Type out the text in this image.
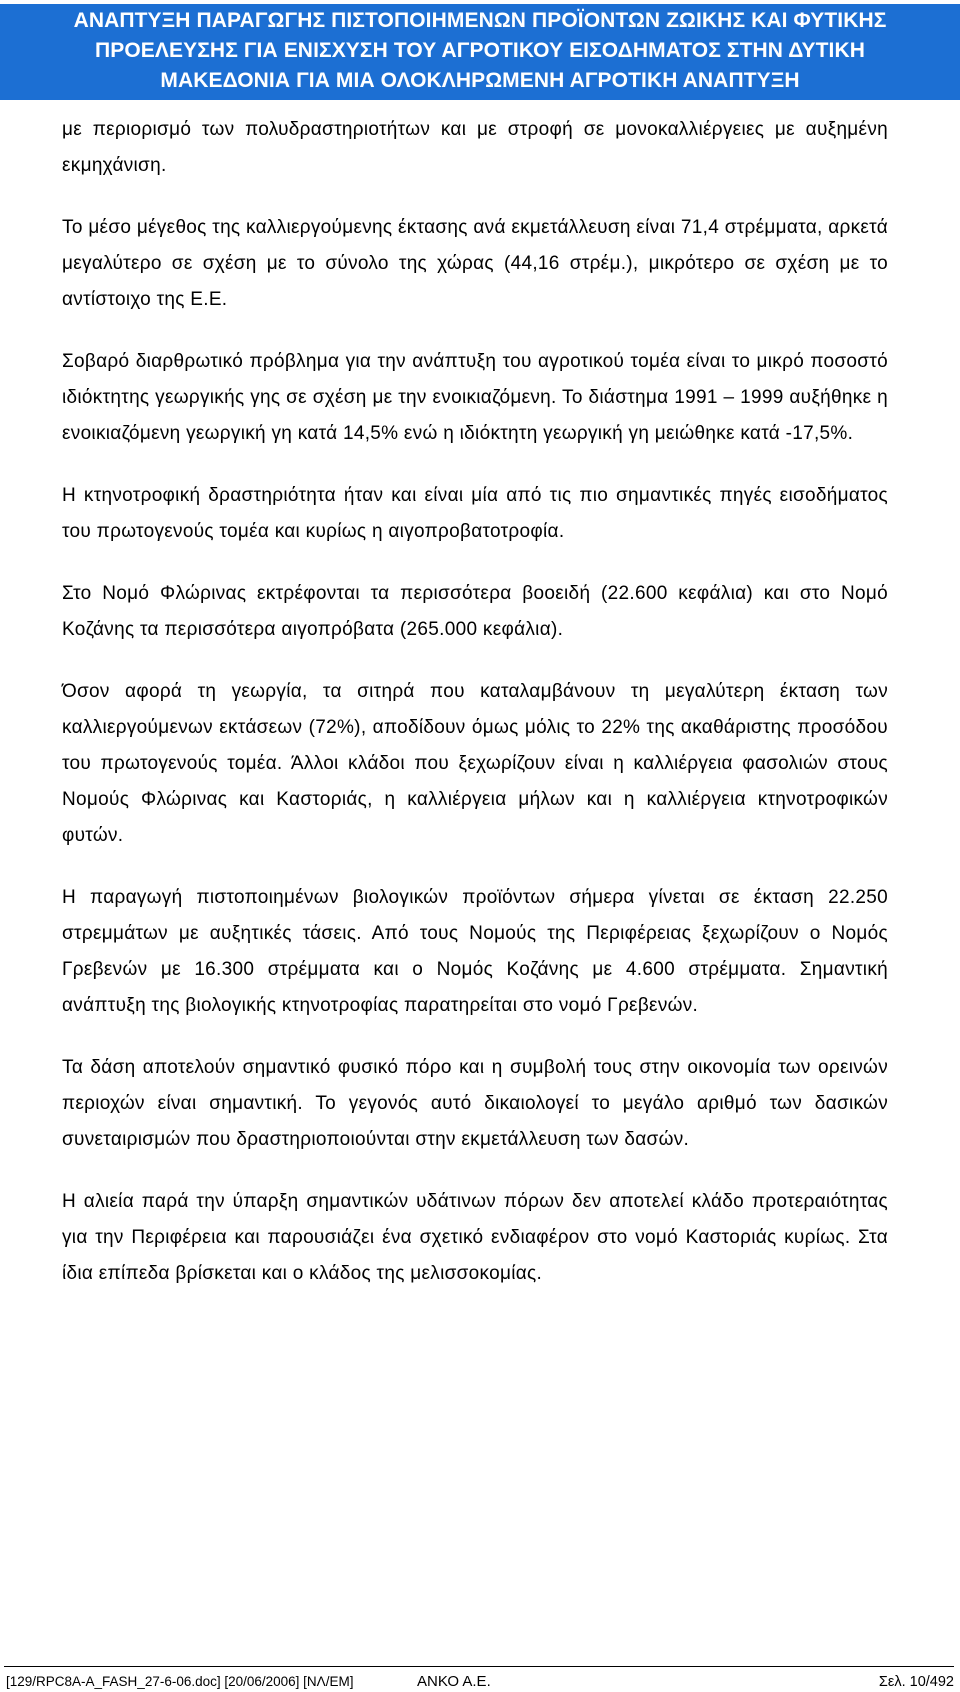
ΑΝΑΠΤΥΞΗ ΠΑΡΑΓΩΓΗΣ ΠΙΣΤΟΠΟΙΗΜΕΝΩΝ ΠΡΟΪΟΝΤΩΝ ΖΩΙΚΗΣ ΚΑΙ ΦΥΤΙΚΗΣ
ΠΡΟΕΛΕΥΣΗΣ ΓΙΑ ΕΝΙΣΧΥΣΗ ΤΟΥ ΑΓΡΟΤΙΚΟΥ ΕΙΣΟΔΗΜΑΤΟΣ ΣΤΗΝ ΔΥΤΙΚΗ
ΜΑΚΕΔΟΝΙΑ ΓΙΑ ΜΙΑ ΟΛΟΚΛΗΡΩΜΕΝΗ ΑΓΡΟΤΙΚΗ ΑΝΑΠΤΥΞΗ

με περιορισμό των πολυδραστηριοτήτων και με στροφή σε μονοκαλλιέργειες με αυξημένη εκμηχάνιση.

Το μέσο μέγεθος της καλλιεργούμενης έκτασης ανά εκμετάλλευση είναι 71,4 στρέμματα, αρκετά μεγαλύτερο σε σχέση με το σύνολο της χώρας (44,16 στρέμ.), μικρότερο σε σχέση με το αντίστοιχο της Ε.Ε.

Σοβαρό διαρθρωτικό πρόβλημα για την ανάπτυξη του αγροτικού τομέα είναι το μικρό ποσοστό ιδιόκτητης γεωργικής γης σε σχέση με την ενοικιαζόμενη. Το διάστημα 1991 – 1999 αυξήθηκε η ενοικιαζόμενη γεωργική γη κατά 14,5% ενώ η ιδιόκτητη γεωργική γη μειώθηκε κατά -17,5%.

Η κτηνοτροφική δραστηριότητα ήταν και είναι μία από τις πιο σημαντικές πηγές εισοδήματος του πρωτογενούς τομέα και κυρίως η αιγοπροβατοτροφία.

Στο Νομό Φλώρινας εκτρέφονται τα περισσότερα βοοειδή (22.600 κεφάλια) και στο Νομό Κοζάνης τα περισσότερα αιγοπρόβατα (265.000 κεφάλια).

Όσον αφορά τη γεωργία, τα σιτηρά που καταλαμβάνουν τη μεγαλύτερη έκταση των καλλιεργούμενων εκτάσεων (72%), αποδίδουν όμως μόλις το 22% της ακαθάριστης προσόδου του πρωτογενούς τομέα. Άλλοι κλάδοι που ξεχωρίζουν είναι η καλλιέργεια φασολιών στους Νομούς Φλώρινας και Καστοριάς, η καλλιέργεια μήλων και η καλλιέργεια κτηνοτροφικών φυτών.

Η παραγωγή πιστοποιημένων βιολογικών προϊόντων σήμερα γίνεται σε έκταση 22.250 στρεμμάτων με αυξητικές τάσεις. Από τους Νομούς της Περιφέρειας ξεχωρίζουν ο Νομός Γρεβενών με 16.300 στρέμματα και ο Νομός Κοζάνης με 4.600 στρέμματα. Σημαντική ανάπτυξη της βιολογικής κτηνοτροφίας παρατηρείται στο νομό Γρεβενών.

Τα δάση αποτελούν σημαντικό φυσικό πόρο και η συμβολή τους στην οικονομία των ορεινών περιοχών είναι σημαντική. Το γεγονός αυτό δικαιολογεί το μεγάλο αριθμό των δασικών συνεταιρισμών που δραστηριοποιούνται στην εκμετάλλευση των δασών.

Η αλιεία παρά την ύπαρξη σημαντικών υδάτινων πόρων δεν αποτελεί κλάδο προτεραιότητας για την Περιφέρεια και παρουσιάζει ένα σχετικό ενδιαφέρον στο νομό Καστοριάς κυρίως. Στα ίδια επίπεδα βρίσκεται και ο κλάδος της μελισσοκομίας.

[129/RPC8A-A_FASH_27-6-06.doc] [20/06/2006] [ΝΛ/ΕΜ]	ΑΝΚΟ Α.Ε.	Σελ. 10/492
